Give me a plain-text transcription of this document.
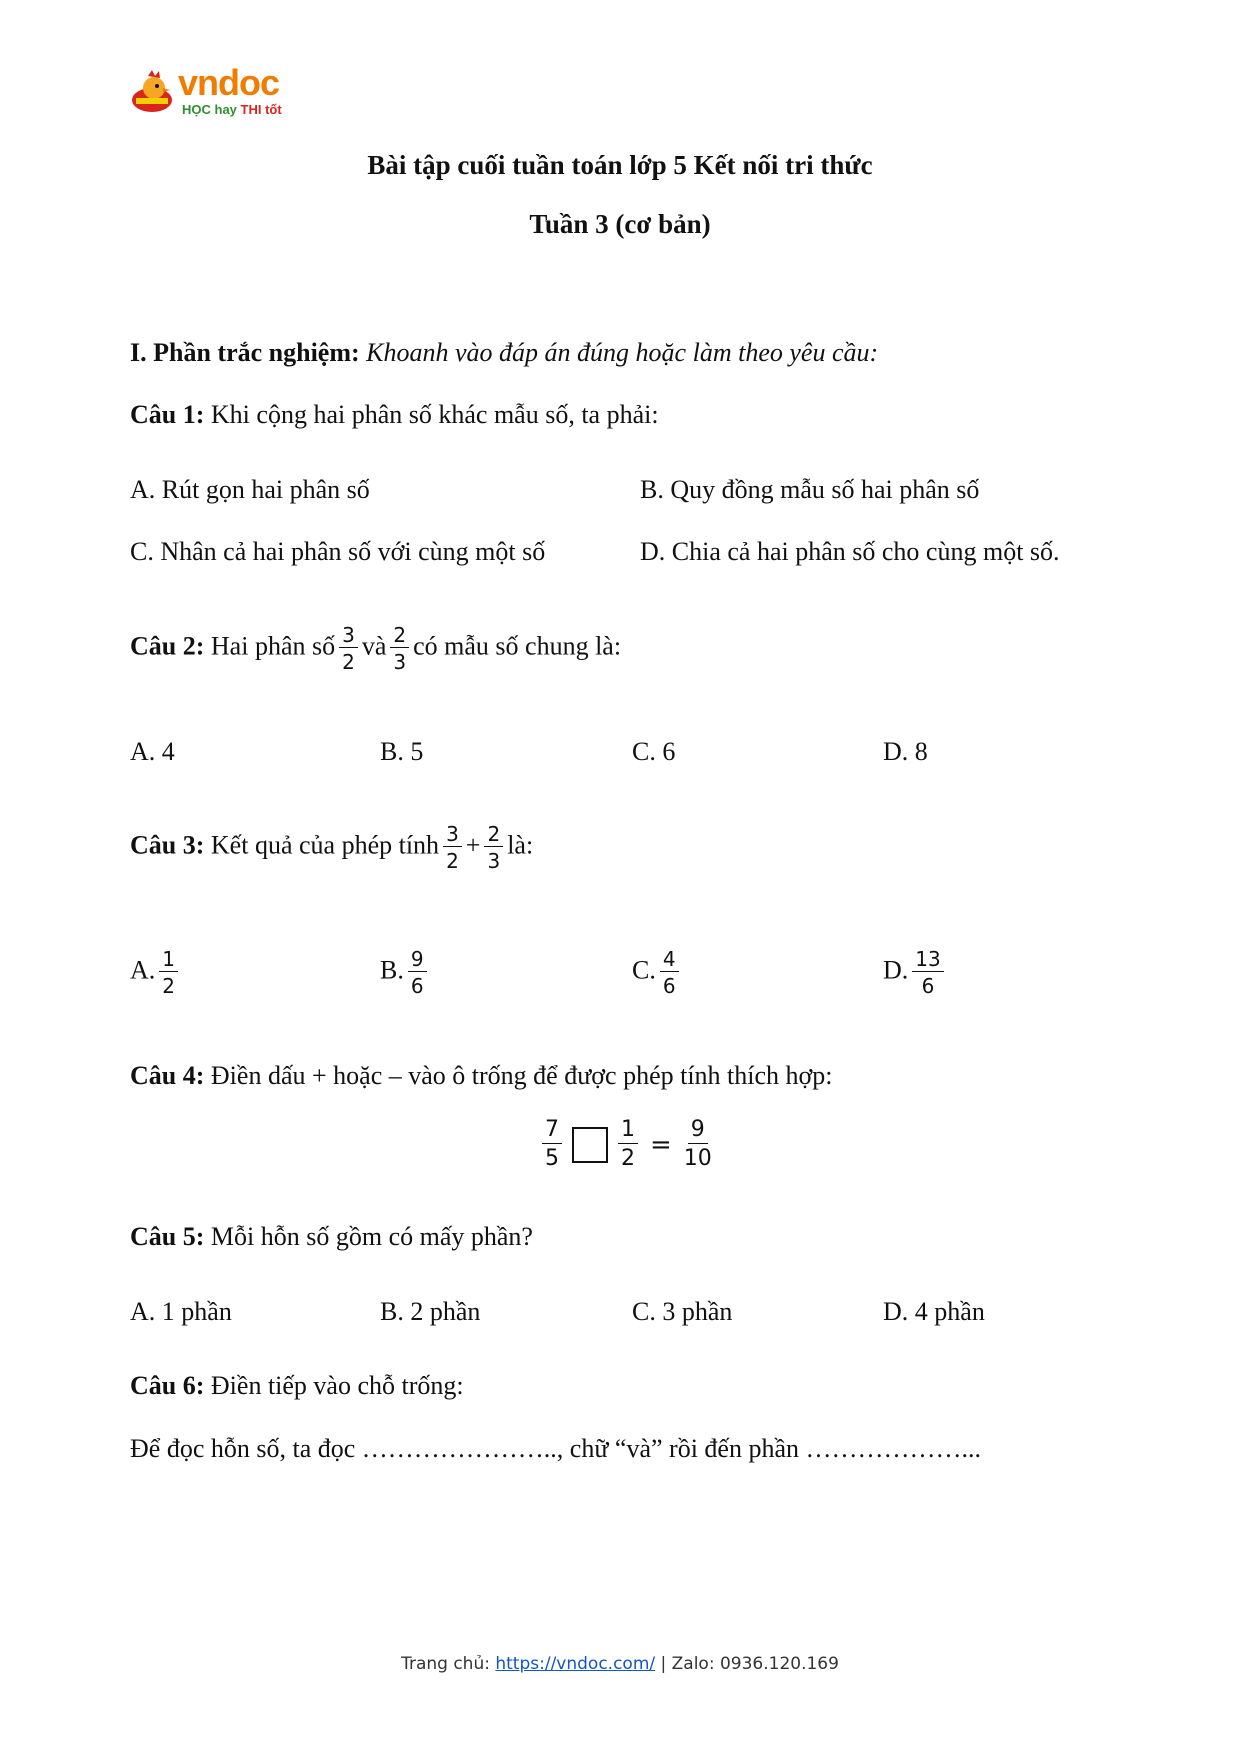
vndoc
HỌC hay THI tốt
Bài tập cuối tuần toán lớp 5 Kết nối tri thức
Tuần 3 (cơ bản)
I. Phần trắc nghiệm: Khoanh vào đáp án đúng hoặc làm theo yêu cầu:
Câu 1: Khi cộng hai phân số khác mẫu số, ta phải:
A. Rút gọn hai phân số	B. Quy đồng mẫu số hai phân số
C. Nhân cả hai phân số với cùng một số	D. Chia cả hai phân số cho cùng một số.
Câu 2: Hai phân số $\frac{3}{2}$ và $\frac{2}{3}$ có mẫu số chung là:
A. 4	B. 5	C. 6	D. 8
Câu 3: Kết quả của phép tính $\frac{3}{2} + \frac{2}{3}$ là:
A. $\frac{1}{2}$	B. $\frac{9}{6}$	C. $\frac{4}{6}$	D. $\frac{13}{6}$
Câu 4: Điền dấu + hoặc – vào ô trống để được phép tính thích hợp:
$\frac{7}{5}$	$\frac{1}{2} = \frac{9}{10}$
Câu 5: Mỗi hỗn số gồm có mấy phần?
A. 1 phần	B. 2 phần	C. 3 phần	D. 4 phần
Câu 6: Điền tiếp vào chỗ trống:
Để đọc hỗn số, ta đọc ………………….., chữ “và” rồi đến phần ………………...
Trang chủ: https://vndoc.com/ | Zalo: 0936.120.169
